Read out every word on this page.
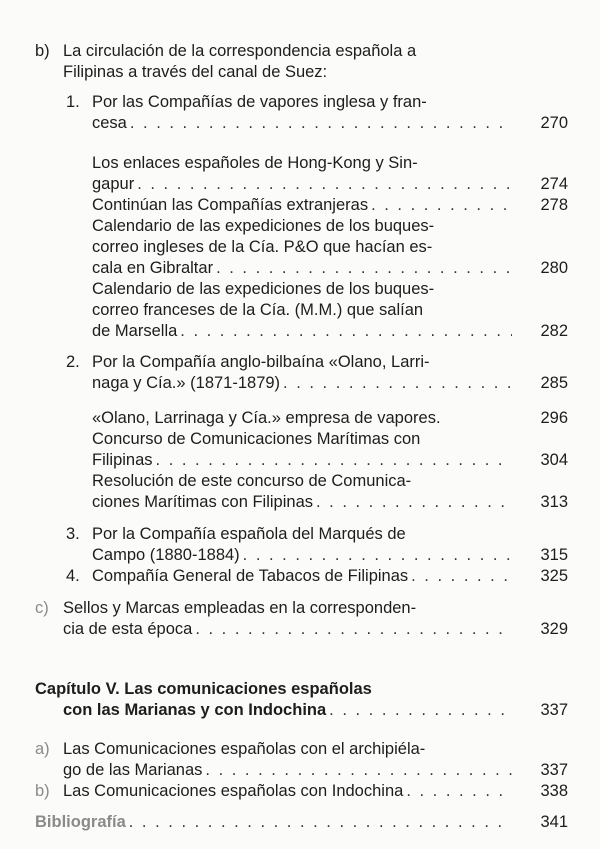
b) La circulación de la correspondencia española a
Filipinas a través del canal de Suez:
1. Por las Compañías de vapores inglesa y fran-
cesa . . .	270
Los enlaces españoles de Hong-Kong y Sin-
gapur . . .	274
Continúan las Compañías extranjeras . . .	278
Calendario de las expediciones de los buques-
correo ingleses de la Cía. P&O que hacían es-
cala en Gibraltar . . .	280
Calendario de las expediciones de los buques-
correo franceses de la Cía. (M.M.) que salían
de Marsella . . .	282
2. Por la Compañía anglo-bilbaína «Olano, Larri-
naga y Cía.» (1871-1879) . . .	285
«Olano, Larrinaga y Cía.» empresa de vapores.	296
Concurso de Comunicaciones Marítimas con
Filipinas . . .	304
Resolución de este concurso de Comunica-
ciones Marítimas con Filipinas . . .	313
3. Por la Compañía española del Marqués de
Campo (1880-1884) . . .	315
4. Compañía General de Tabacos de Filipinas . . .	325
c) Sellos y Marcas empleadas en la corresponden-
cia de esta época . . .	329
Capítulo V. Las comunicaciones españolas
con las Marianas y con Indochina . . .	337
a) Las Comunicaciones españolas con el archipiéla-
go de las Marianas . . .	337
b) Las Comunicaciones españolas con Indochina . . .	338
Bibliografía . . .	341
